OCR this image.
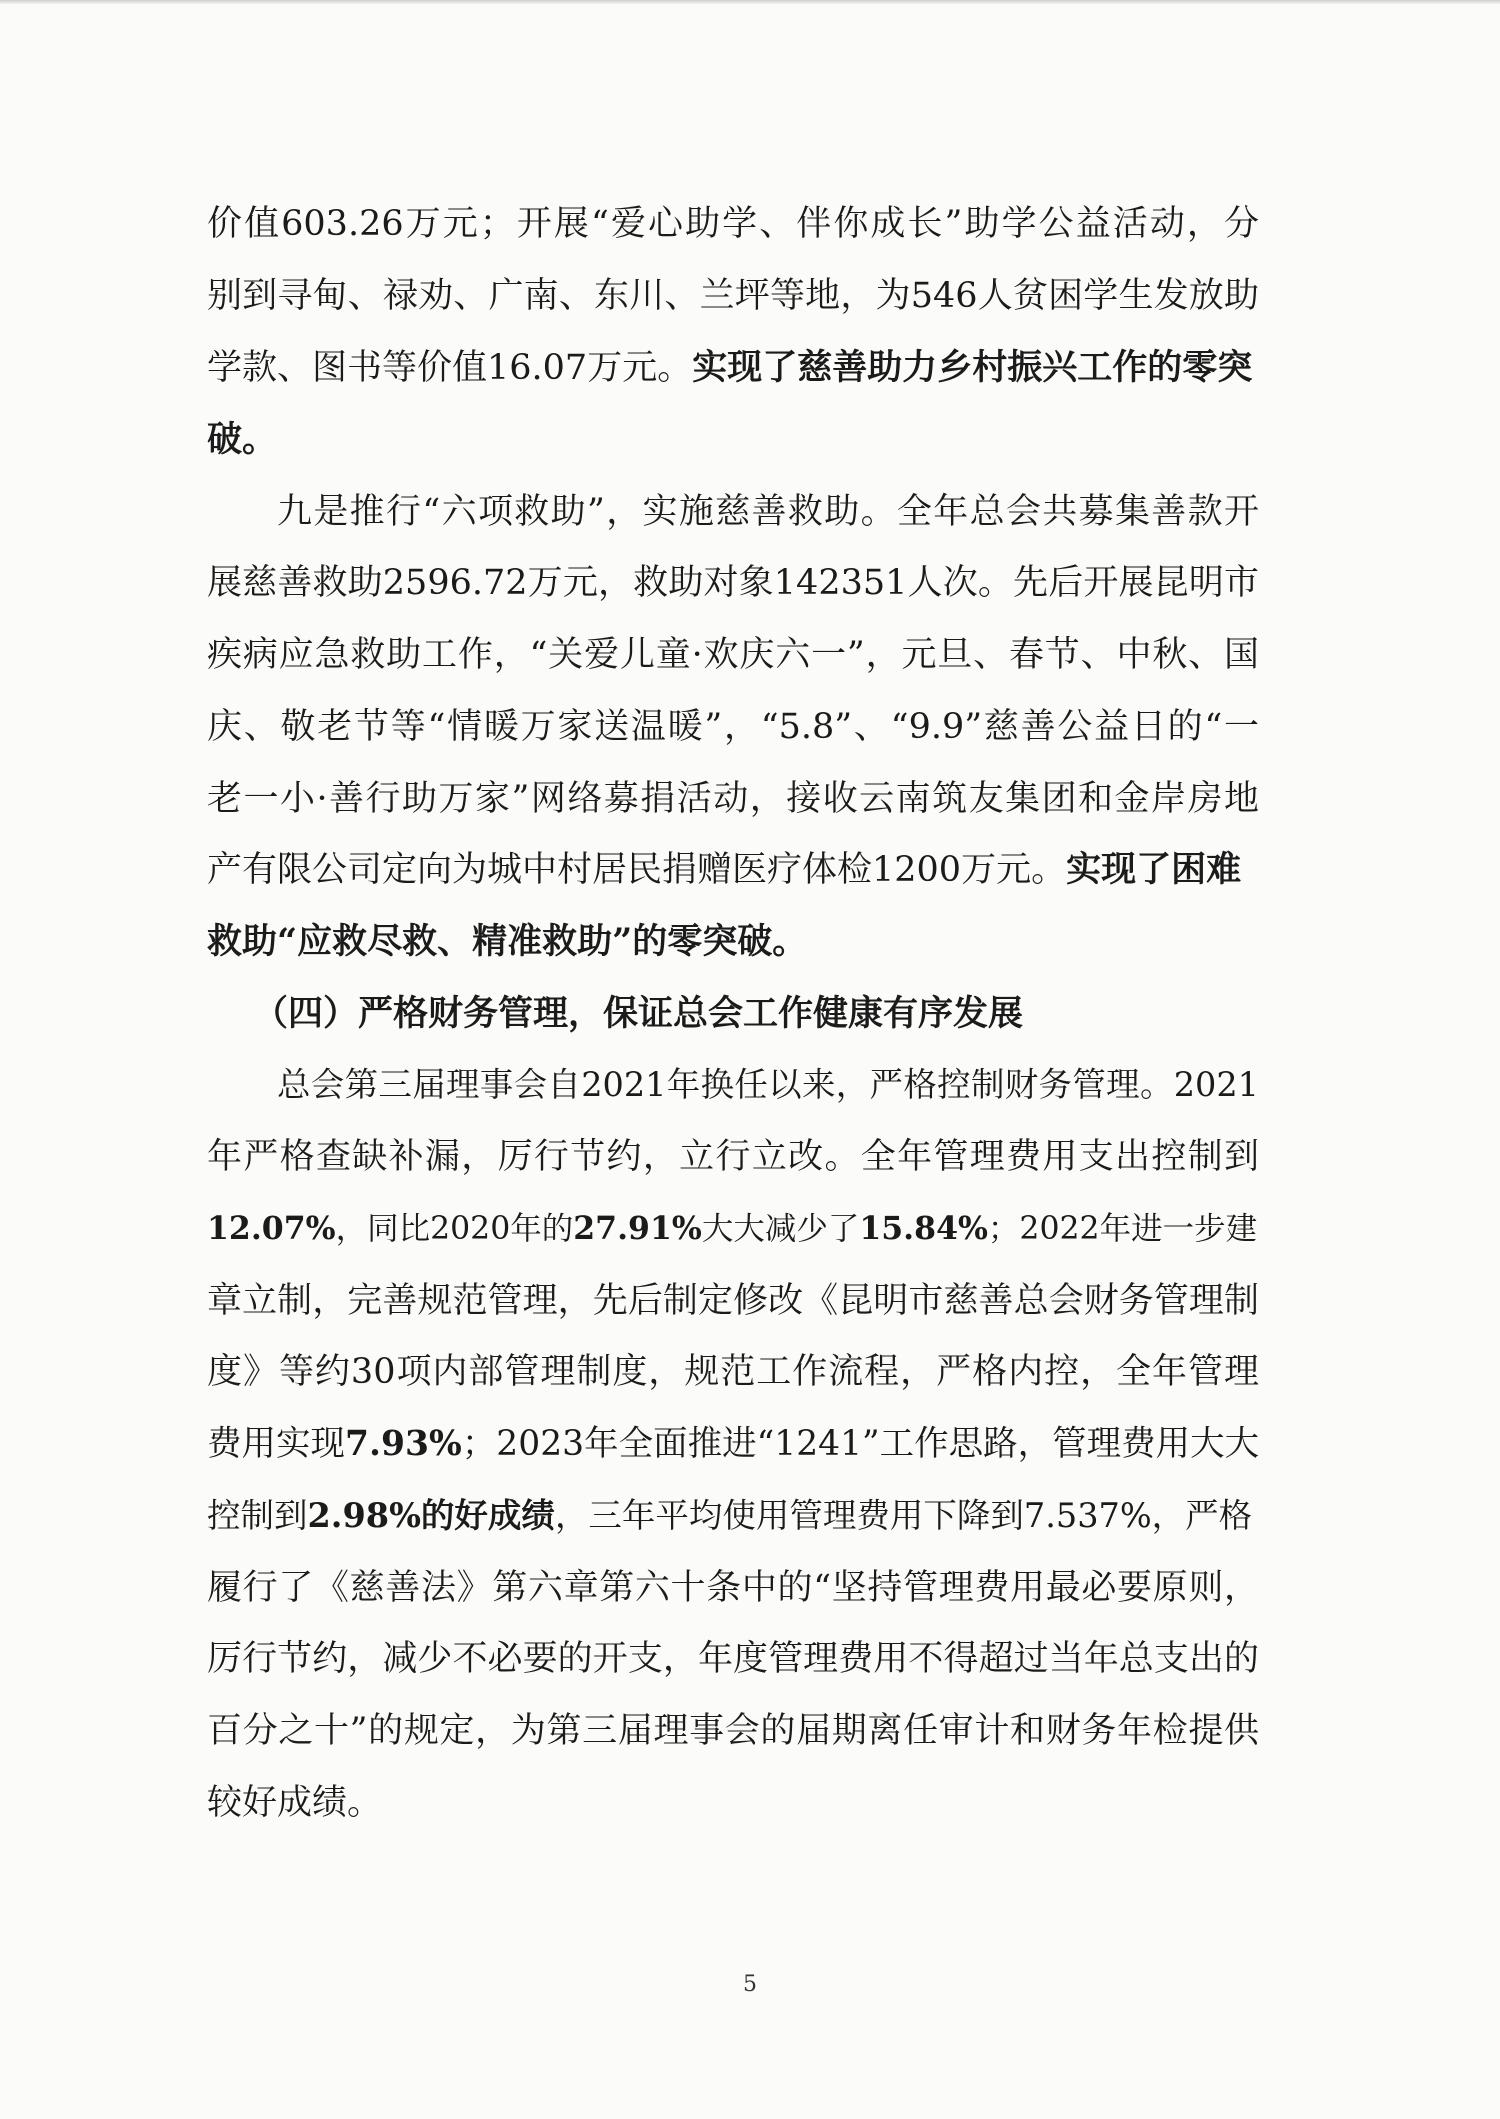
价值603.26万元；开展“爱心助学、伴你成长”助学公益活动，分
别到寻甸、禄劝、广南、东川、兰坪等地，为546人贫困学生发放助
学款、图书等价值16.07万元。实现了慈善助力乡村振兴工作的零突
破。
九是推行“六项救助”，实施慈善救助。全年总会共募集善款开
展慈善救助2596.72万元，救助对象142351人次。先后开展昆明市
疾病应急救助工作，“关爱儿童·欢庆六一”，元旦、春节、中秋、国
庆、敬老节等“情暖万家送温暖”，“5.8”、“9.9”慈善公益日的“一
老一小·善行助万家”网络募捐活动，接收云南筑友集团和金岸房地
产有限公司定向为城中村居民捐赠医疗体检1200万元。实现了困难
救助“应救尽救、精准救助”的零突破。
（四）严格财务管理，保证总会工作健康有序发展
总会第三届理事会自2021年换任以来，严格控制财务管理。2021
年严格查缺补漏，厉行节约，立行立改。全年管理费用支出控制到
12.07%，同比2020年的27.91%大大减少了15.84%；2022年进一步建
章立制，完善规范管理，先后制定修改《昆明市慈善总会财务管理制
度》等约30项内部管理制度，规范工作流程，严格内控，全年管理
费用实现7.93%；2023年全面推进“1241”工作思路，管理费用大大
控制到2.98%的好成绩，三年平均使用管理费用下降到7.537%，严格
履行了《慈善法》第六章第六十条中的“坚持管理费用最必要原则，
厉行节约，减少不必要的开支，年度管理费用不得超过当年总支出的
百分之十”的规定，为第三届理事会的届期离任审计和财务年检提供
较好成绩。
5
